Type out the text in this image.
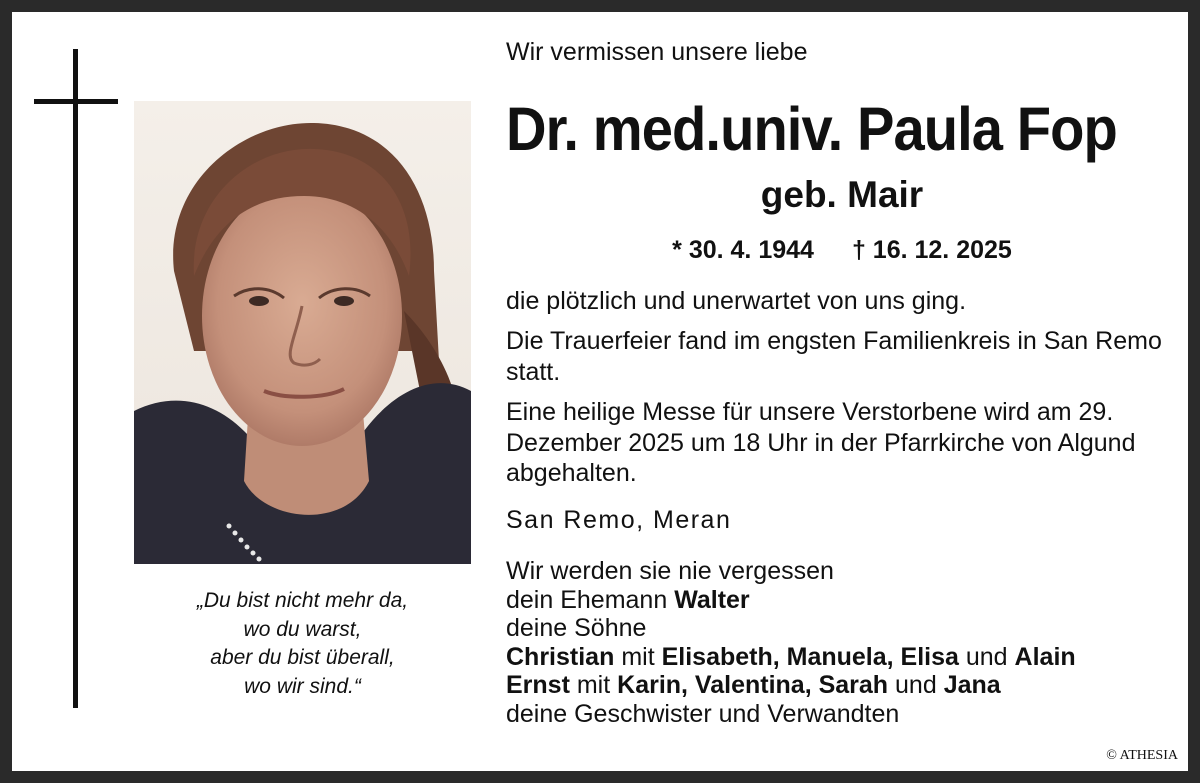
„Du bist nicht mehr da,
wo du warst,
aber du bist überall,
wo wir sind.“
Wir vermissen unsere liebe
Dr. med.univ. Paula Fop
geb. Mair
* 30. 4. 1944 † 16. 12. 2025
die plötzlich und unerwartet von uns ging.
Die Trauerfeier fand im engsten Familienkreis in San Remo statt.
Eine heilige Messe für unsere Verstorbene wird am 29. Dezember 2025 um 18 Uhr in der Pfarrkirche von Algund abgehalten.
San Remo, Meran
Wir werden sie nie vergessen
dein Ehemann Walter
deine Söhne
Christian mit Elisabeth, Manuela, Elisa und Alain
Ernst mit Karin, Valentina, Sarah und Jana
deine Geschwister und Verwandten
© ATHESIA
